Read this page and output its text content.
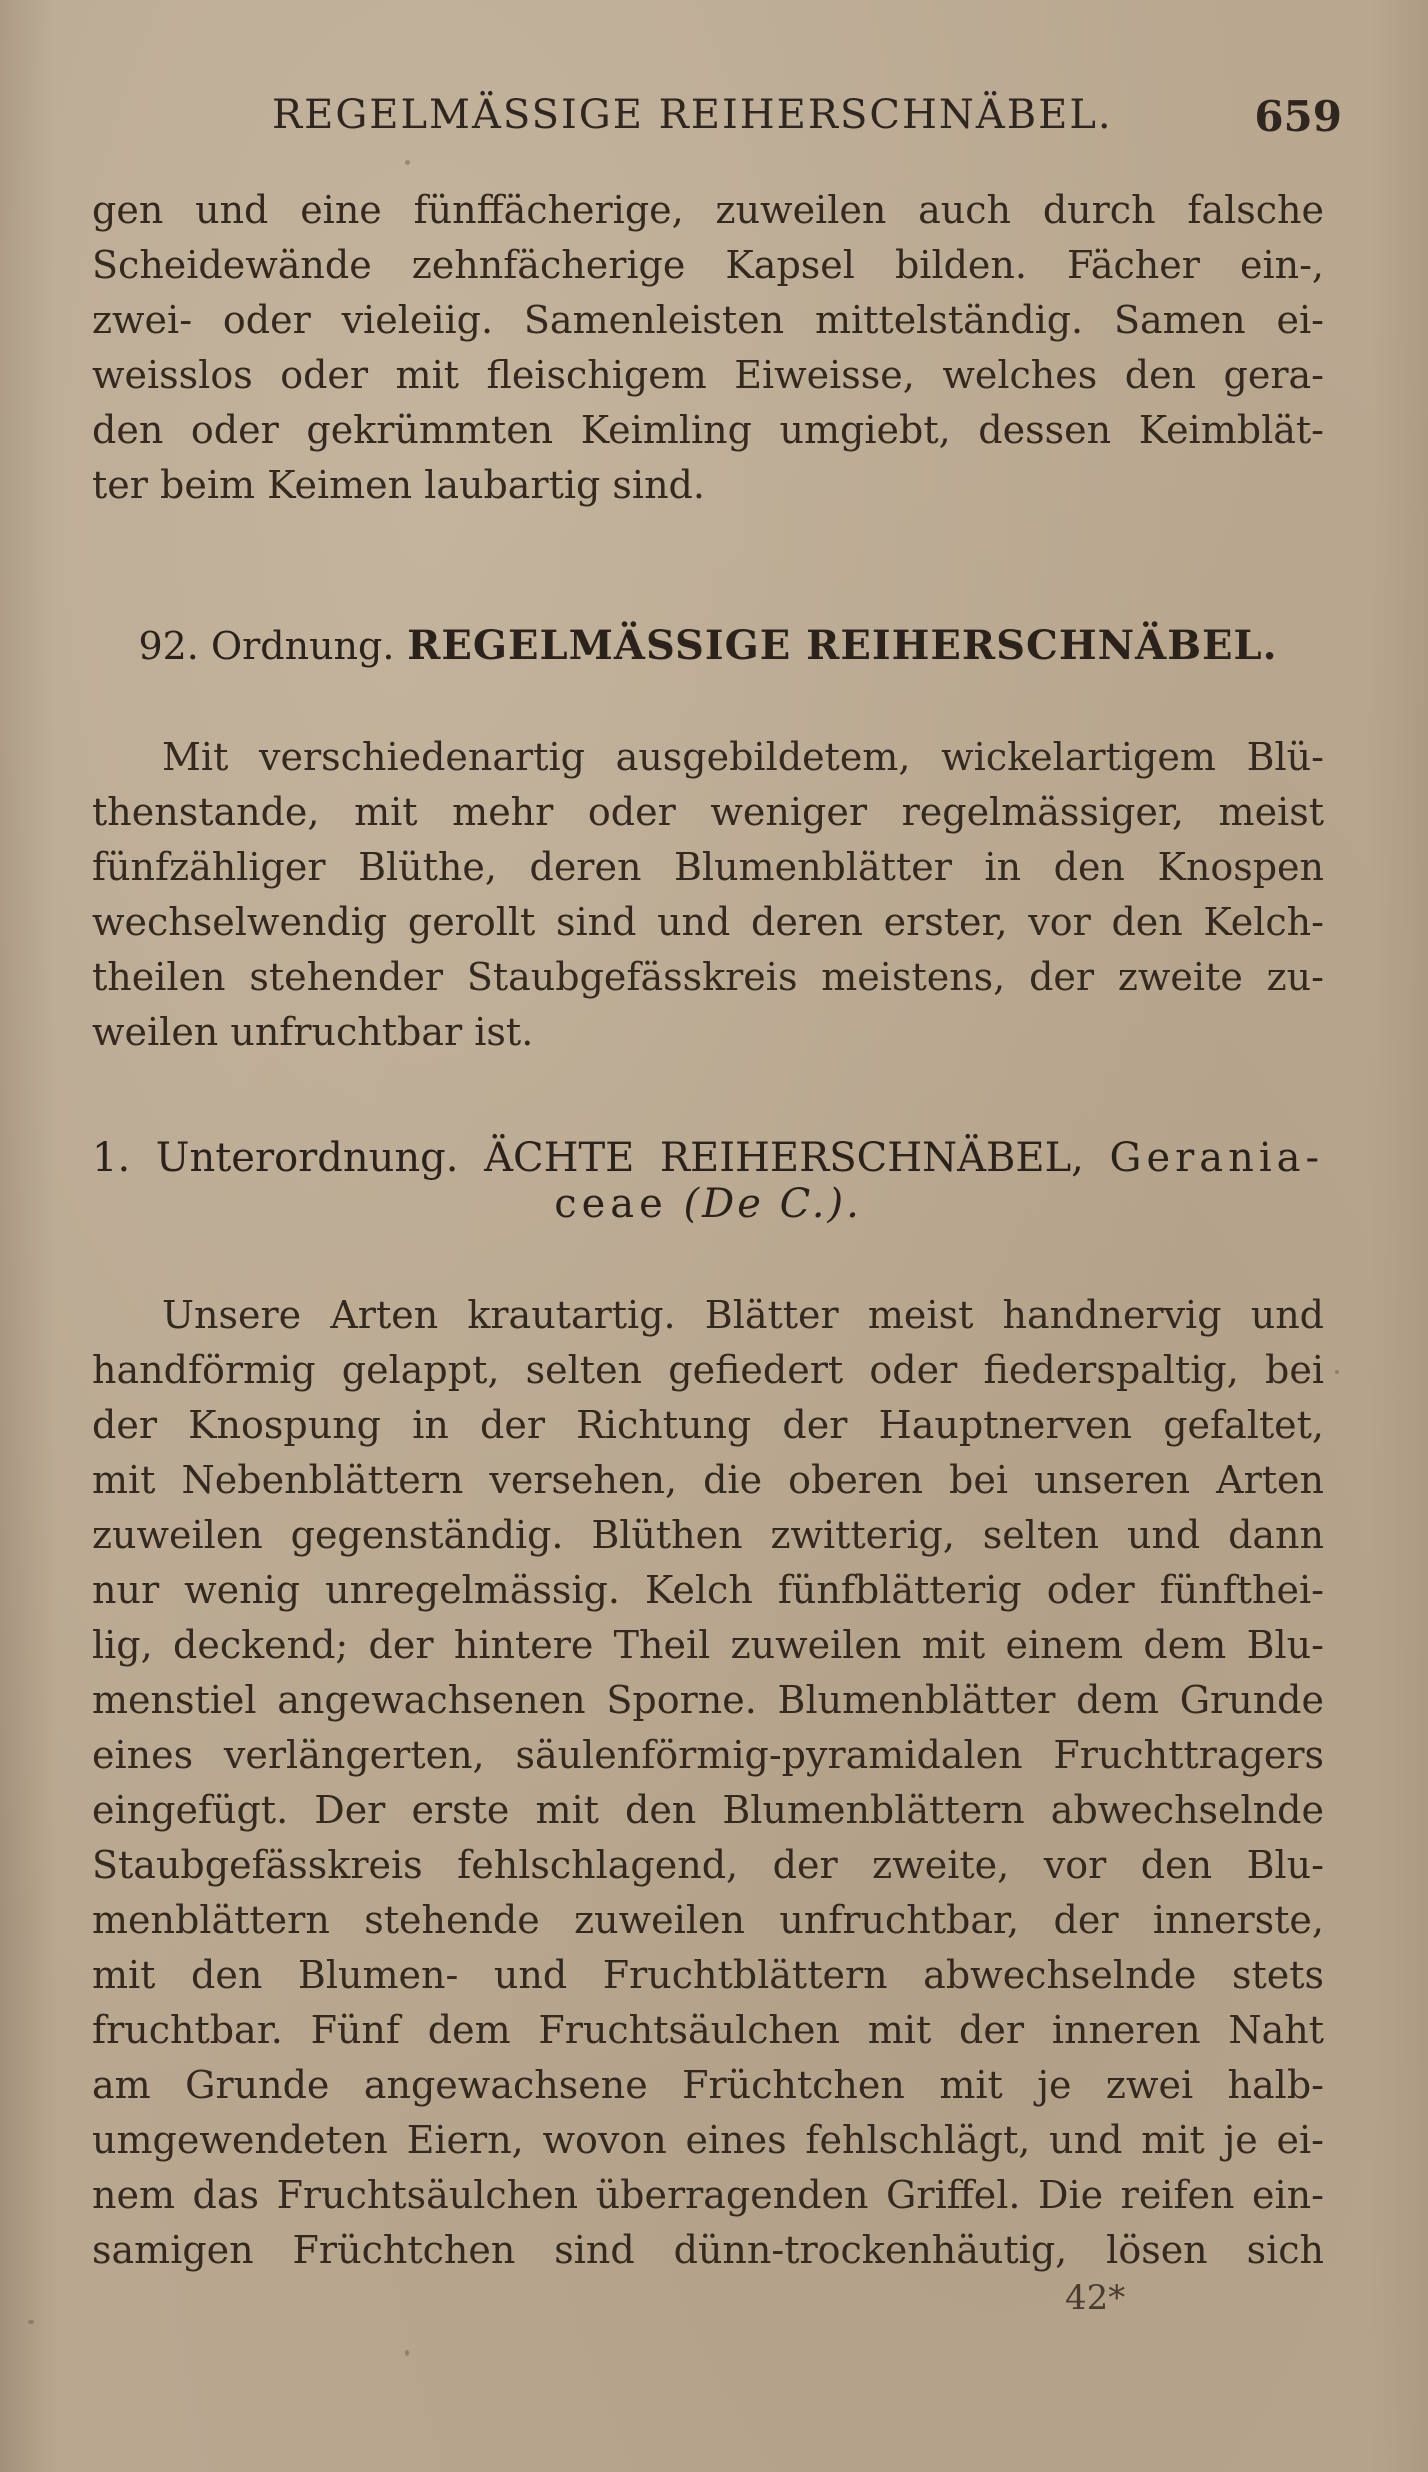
REGELMÄSSIGE REIHERSCHNÄBEL.	659
gen und eine fünffächerige, zuweilen auch durch falsche
Scheidewände zehnfächerige Kapsel bilden. Fächer ein-,
zwei- oder vieleiig. Samenleisten mittelständig. Samen ei-
weisslos oder mit fleischigem Eiweisse, welches den gera-
den oder gekrümmten Keimling umgiebt, dessen Keimblät-
ter beim Keimen laubartig sind.
92. Ordnung. REGELMÄSSIGE REIHERSCHNÄBEL.
Mit verschiedenartig ausgebildetem, wickelartigem Blü-
thenstande, mit mehr oder weniger regelmässiger, meist
fünfzähliger Blüthe, deren Blumenblätter in den Knospen
wechselwendig gerollt sind und deren erster, vor den Kelch-
theilen stehender Staubgefässkreis meistens, der zweite zu-
weilen unfruchtbar ist.
1. Unterordnung. ÄCHTE REIHERSCHNÄBEL, Gerania-
ceae (De C.).
Unsere Arten krautartig. Blätter meist handnervig und
handförmig gelappt, selten gefiedert oder fiederspaltig, bei
der Knospung in der Richtung der Hauptnerven gefaltet,
mit Nebenblättern versehen, die oberen bei unseren Arten
zuweilen gegenständig. Blüthen zwitterig, selten und dann
nur wenig unregelmässig. Kelch fünfblätterig oder fünfthei-
lig, deckend; der hintere Theil zuweilen mit einem dem Blu-
menstiel angewachsenen Sporne. Blumenblätter dem Grunde
eines verlängerten, säulenförmig-pyramidalen Fruchttragers
eingefügt. Der erste mit den Blumenblättern abwechselnde
Staubgefässkreis fehlschlagend, der zweite, vor den Blu-
menblättern stehende zuweilen unfruchtbar, der innerste,
mit den Blumen- und Fruchtblättern abwechselnde stets
fruchtbar. Fünf dem Fruchtsäulchen mit der inneren Naht
am Grunde angewachsene Früchtchen mit je zwei halb-
umgewendeten Eiern, wovon eines fehlschlägt, und mit je ei-
nem das Fruchtsäulchen überragenden Griffel. Die reifen ein-
samigen Früchtchen sind dünn-trockenhäutig, lösen sich
42*
